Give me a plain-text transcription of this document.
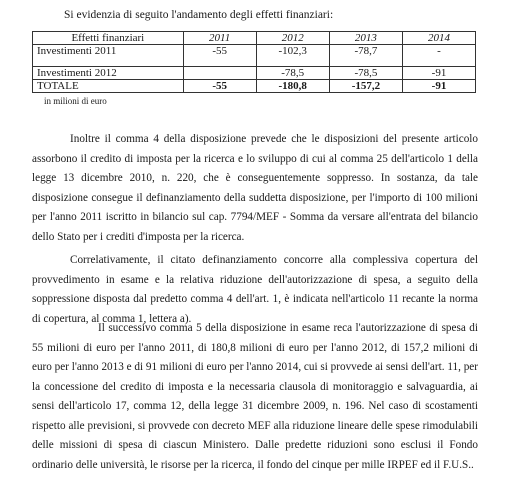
Si evidenzia di seguito l'andamento degli effetti finanziari:
Effetti finanziari	2011	2012	2013	2014
Investimenti 2011	-55	-102,3	-78,7	-

Investimenti 2012		-78,5	-78,5	-91
TOTALE	-55	-180,8	-157,2	-91
in milioni di euro

Inoltre il comma 4 della disposizione prevede che le disposizioni del presente articolo assorbono il credito di imposta per la ricerca e lo sviluppo di cui al comma 25 dell'articolo 1 della legge 13 dicembre 2010, n. 220, che è conseguentemente soppresso. In sostanza, da tale disposizione consegue il definanziamento della suddetta disposizione, per l'importo di 100 milioni per l'anno 2011 iscritto in bilancio sul cap. 7794/MEF - Somma da versare all'entrata del bilancio dello Stato per i crediti d'imposta per la ricerca.

Correlativamente, il citato definanziamento concorre alla complessiva copertura del provvedimento in esame e la relativa riduzione dell'autorizzazione di spesa, a seguito della soppressione disposta dal predetto comma 4 dell'art. 1, è indicata nell'articolo 11 recante la norma di copertura, al comma 1, lettera a).

Il successivo comma 5 della disposizione in esame reca l'autorizzazione di spesa di 55 milioni di euro per l'anno 2011, di 180,8 milioni di euro per l'anno 2012, di 157,2 milioni di euro per l'anno 2013 e di 91 milioni di euro per l'anno 2014, cui si provvede ai sensi dell'art. 11, per la concessione del credito di imposta e la necessaria clausola di monitoraggio e salvaguardia, ai sensi dell'articolo 17, comma 12, della legge 31 dicembre 2009, n. 196. Nel caso di scostamenti rispetto alle previsioni, si provvede con decreto MEF alla riduzione lineare delle spese rimodulabili delle missioni di spesa di ciascun Ministero. Dalle predette riduzioni sono esclusi il Fondo ordinario delle università, le risorse per la ricerca, il fondo del cinque per mille IRPEF ed il F.U.S..
